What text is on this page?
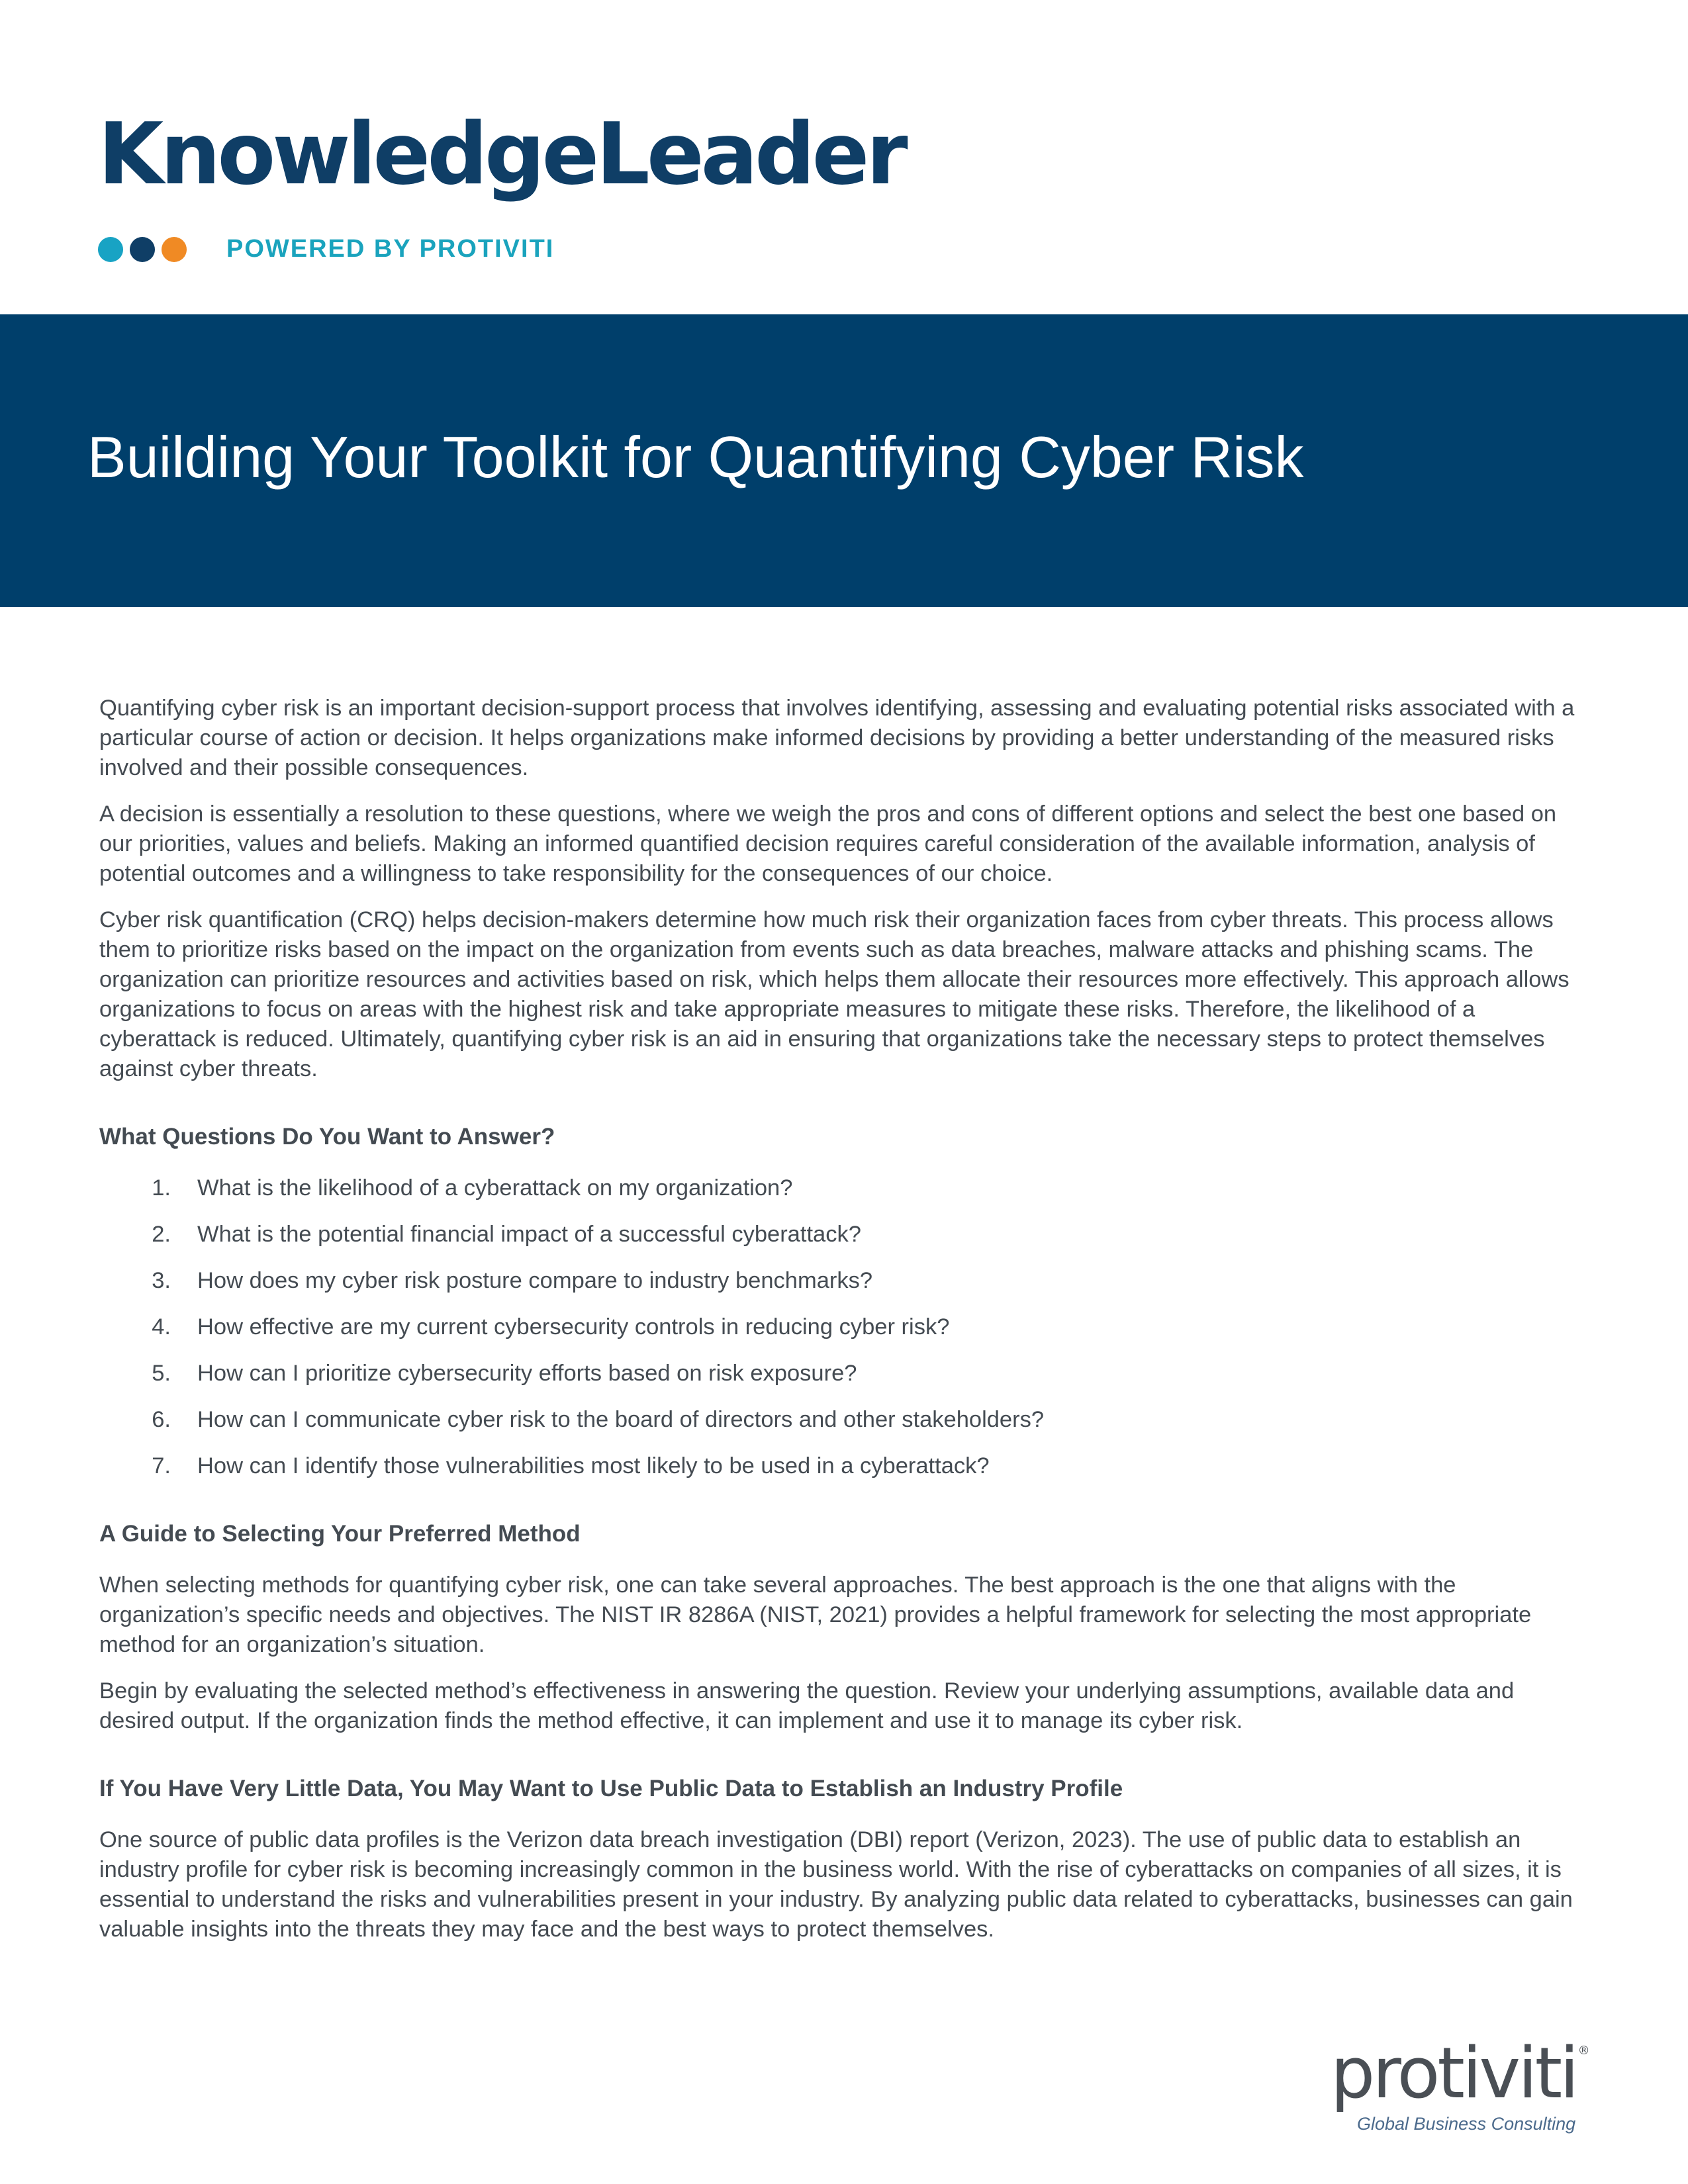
KnowledgeLeader
POWERED BY PROTIVITI
Building Your Toolkit for Quantifying Cyber Risk

Quantifying cyber risk is an important decision-support process that involves identifying, assessing and evaluating potential risks associated with a particular course of action or decision. It helps organizations make informed decisions by providing a better understanding of the measured risks involved and their possible consequences.

A decision is essentially a resolution to these questions, where we weigh the pros and cons of different options and select the best one based on our priorities, values and beliefs. Making an informed quantified decision requires careful consideration of the available information, analysis of potential outcomes and a willingness to take responsibility for the consequences of our choice.

Cyber risk quantification (CRQ) helps decision-makers determine how much risk their organization faces from cyber threats. This process allows them to prioritize risks based on the impact on the organization from events such as data breaches, malware attacks and phishing scams. The organization can prioritize resources and activities based on risk, which helps them allocate their resources more effectively. This approach allows organizations to focus on areas with the highest risk and take appropriate measures to mitigate these risks. Therefore, the likelihood of a cyberattack is reduced. Ultimately, quantifying cyber risk is an aid in ensuring that organizations take the necessary steps to protect themselves against cyber threats.

What Questions Do You Want to Answer?
1.	What is the likelihood of a cyberattack on my organization?
2.	What is the potential financial impact of a successful cyberattack?
3.	How does my cyber risk posture compare to industry benchmarks?
4.	How effective are my current cybersecurity controls in reducing cyber risk?
5.	How can I prioritize cybersecurity efforts based on risk exposure?
6.	How can I communicate cyber risk to the board of directors and other stakeholders?
7.	How can I identify those vulnerabilities most likely to be used in a cyberattack?
A Guide to Selecting Your Preferred Method

When selecting methods for quantifying cyber risk, one can take several approaches. The best approach is the one that aligns with the organization’s specific needs and objectives. The NIST IR 8286A (NIST, 2021) provides a helpful framework for selecting the most appropriate method for an organization’s situation.

Begin by evaluating the selected method’s effectiveness in answering the question. Review your underlying assumptions, available data and desired output. If the organization finds the method effective, it can implement and use it to manage its cyber risk.

If You Have Very Little Data, You May Want to Use Public Data to Establish an Industry Profile

One source of public data profiles is the Verizon data breach investigation (DBI) report (Verizon, 2023). The use of public data to establish an industry profile for cyber risk is becoming increasingly common in the business world. With the rise of cyberattacks on companies of all sizes, it is essential to understand the risks and vulnerabilities present in your industry. By analyzing public data related to cyberattacks, businesses can gain valuable insights into the threats they may face and the best ways to protect themselves.

protiviti ®
Global Business Consulting
